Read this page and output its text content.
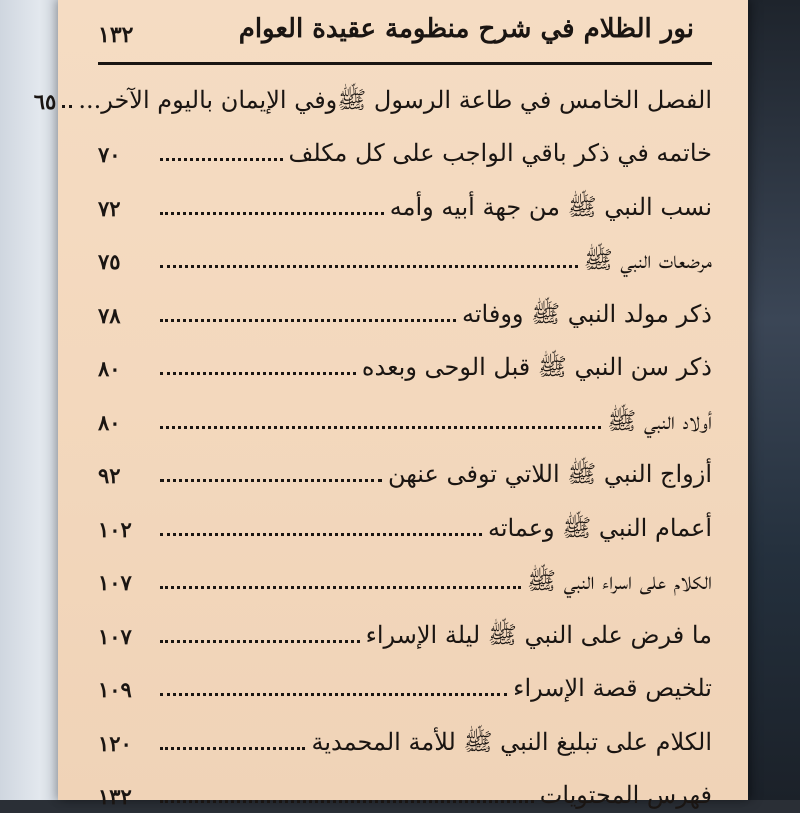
نور الظلام في شرح منظومة عقيدة العوام
١٣٢
الفصل الخامس في طاعة الرسول ﷺوفي الإيمان باليوم الآخر...
٦٥
خاتمه في ذكر باقي الواجب على كل مكلف
٧٠
نسب النبي ﷺ من جهة أبيه وأمه
٧٢
مرضعات النبي ﷺ
٧٥
ذكر مولد النبي ﷺ ووفاته
٧٨
ذكر سن النبي ﷺ قبل الوحى وبعده
٨٠
أولاد النبي ﷺ
٨٠
أزواج النبي ﷺ اللاتي توفى عنهن
٩٢
أعمام النبي ﷺ وعماته
١٠٢
الكلام على اسراء النبي ﷺ
١٠٧
ما فرض على النبي ﷺ ليلة الإسراء
١٠٧
تلخيص قصة الإسراء
١٠٩
الكلام على تبليغ النبي ﷺ للأمة المحمدية
١٢٠
فهرس المحتويات
١٣٢
